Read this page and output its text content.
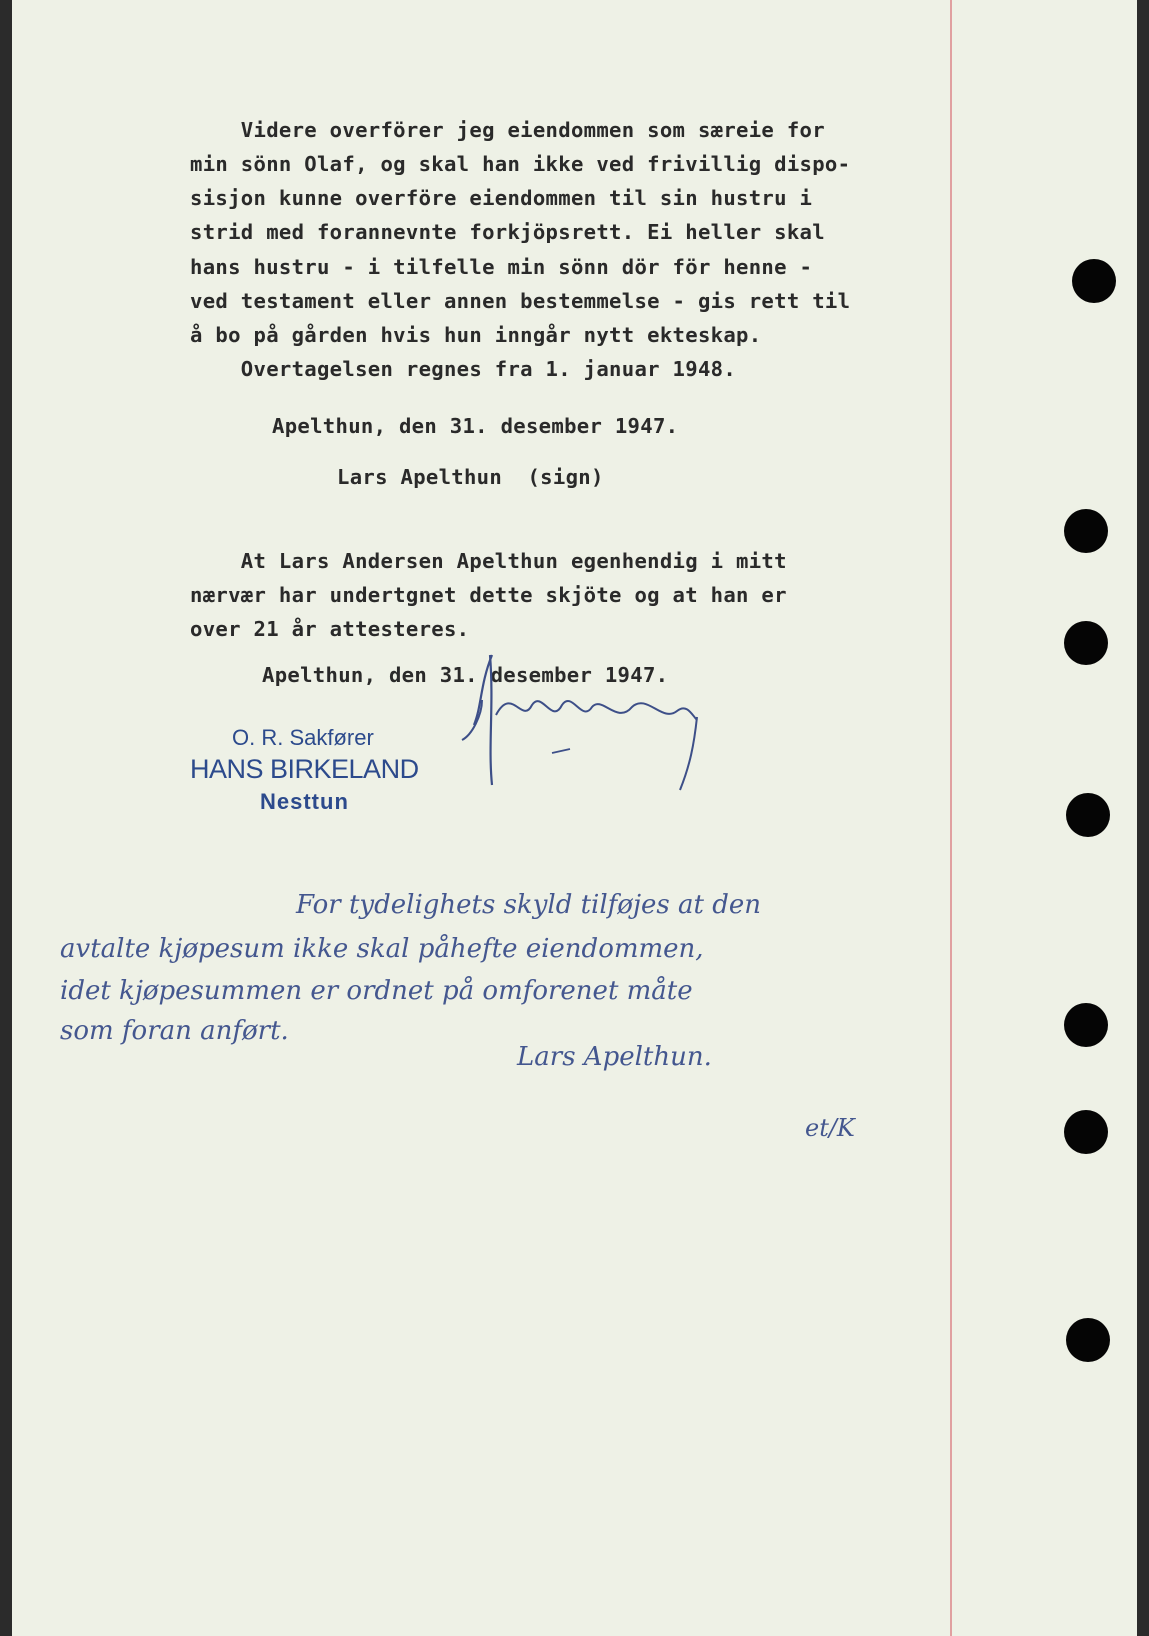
Videre overförer jeg eiendommen som særeie for

min sönn Olaf, og skal han ikke ved frivillig dispo-

sisjon kunne overföre eiendommen til sin hustru i

strid med forannevnte forkjöpsrett. Ei heller skal

hans hustru - i tilfelle min sönn dör för henne -

ved testament eller annen bestemmelse - gis rett til

å bo på gården hvis hun inngår nytt ekteskap.

Overtagelsen regnes fra 1. januar 1948.

Apelthun, den 31. desember 1947.

Lars Apelthun  (sign)

At Lars Andersen Apelthun egenhendig i mitt

nærvær har undertgnet dette skjöte og at han er

over 21 år attesteres.

Apelthun, den 31. desember 1947.

O. R. Sakfører

HANS BIRKELAND

Nesttun

For tydelighets skyld tilføjes at den

avtalte kjøpesum ikke skal påhefte eiendommen,

idet kjøpesummen er ordnet på omforenet måte

som foran anført.

Lars Apelthun.

et/K
